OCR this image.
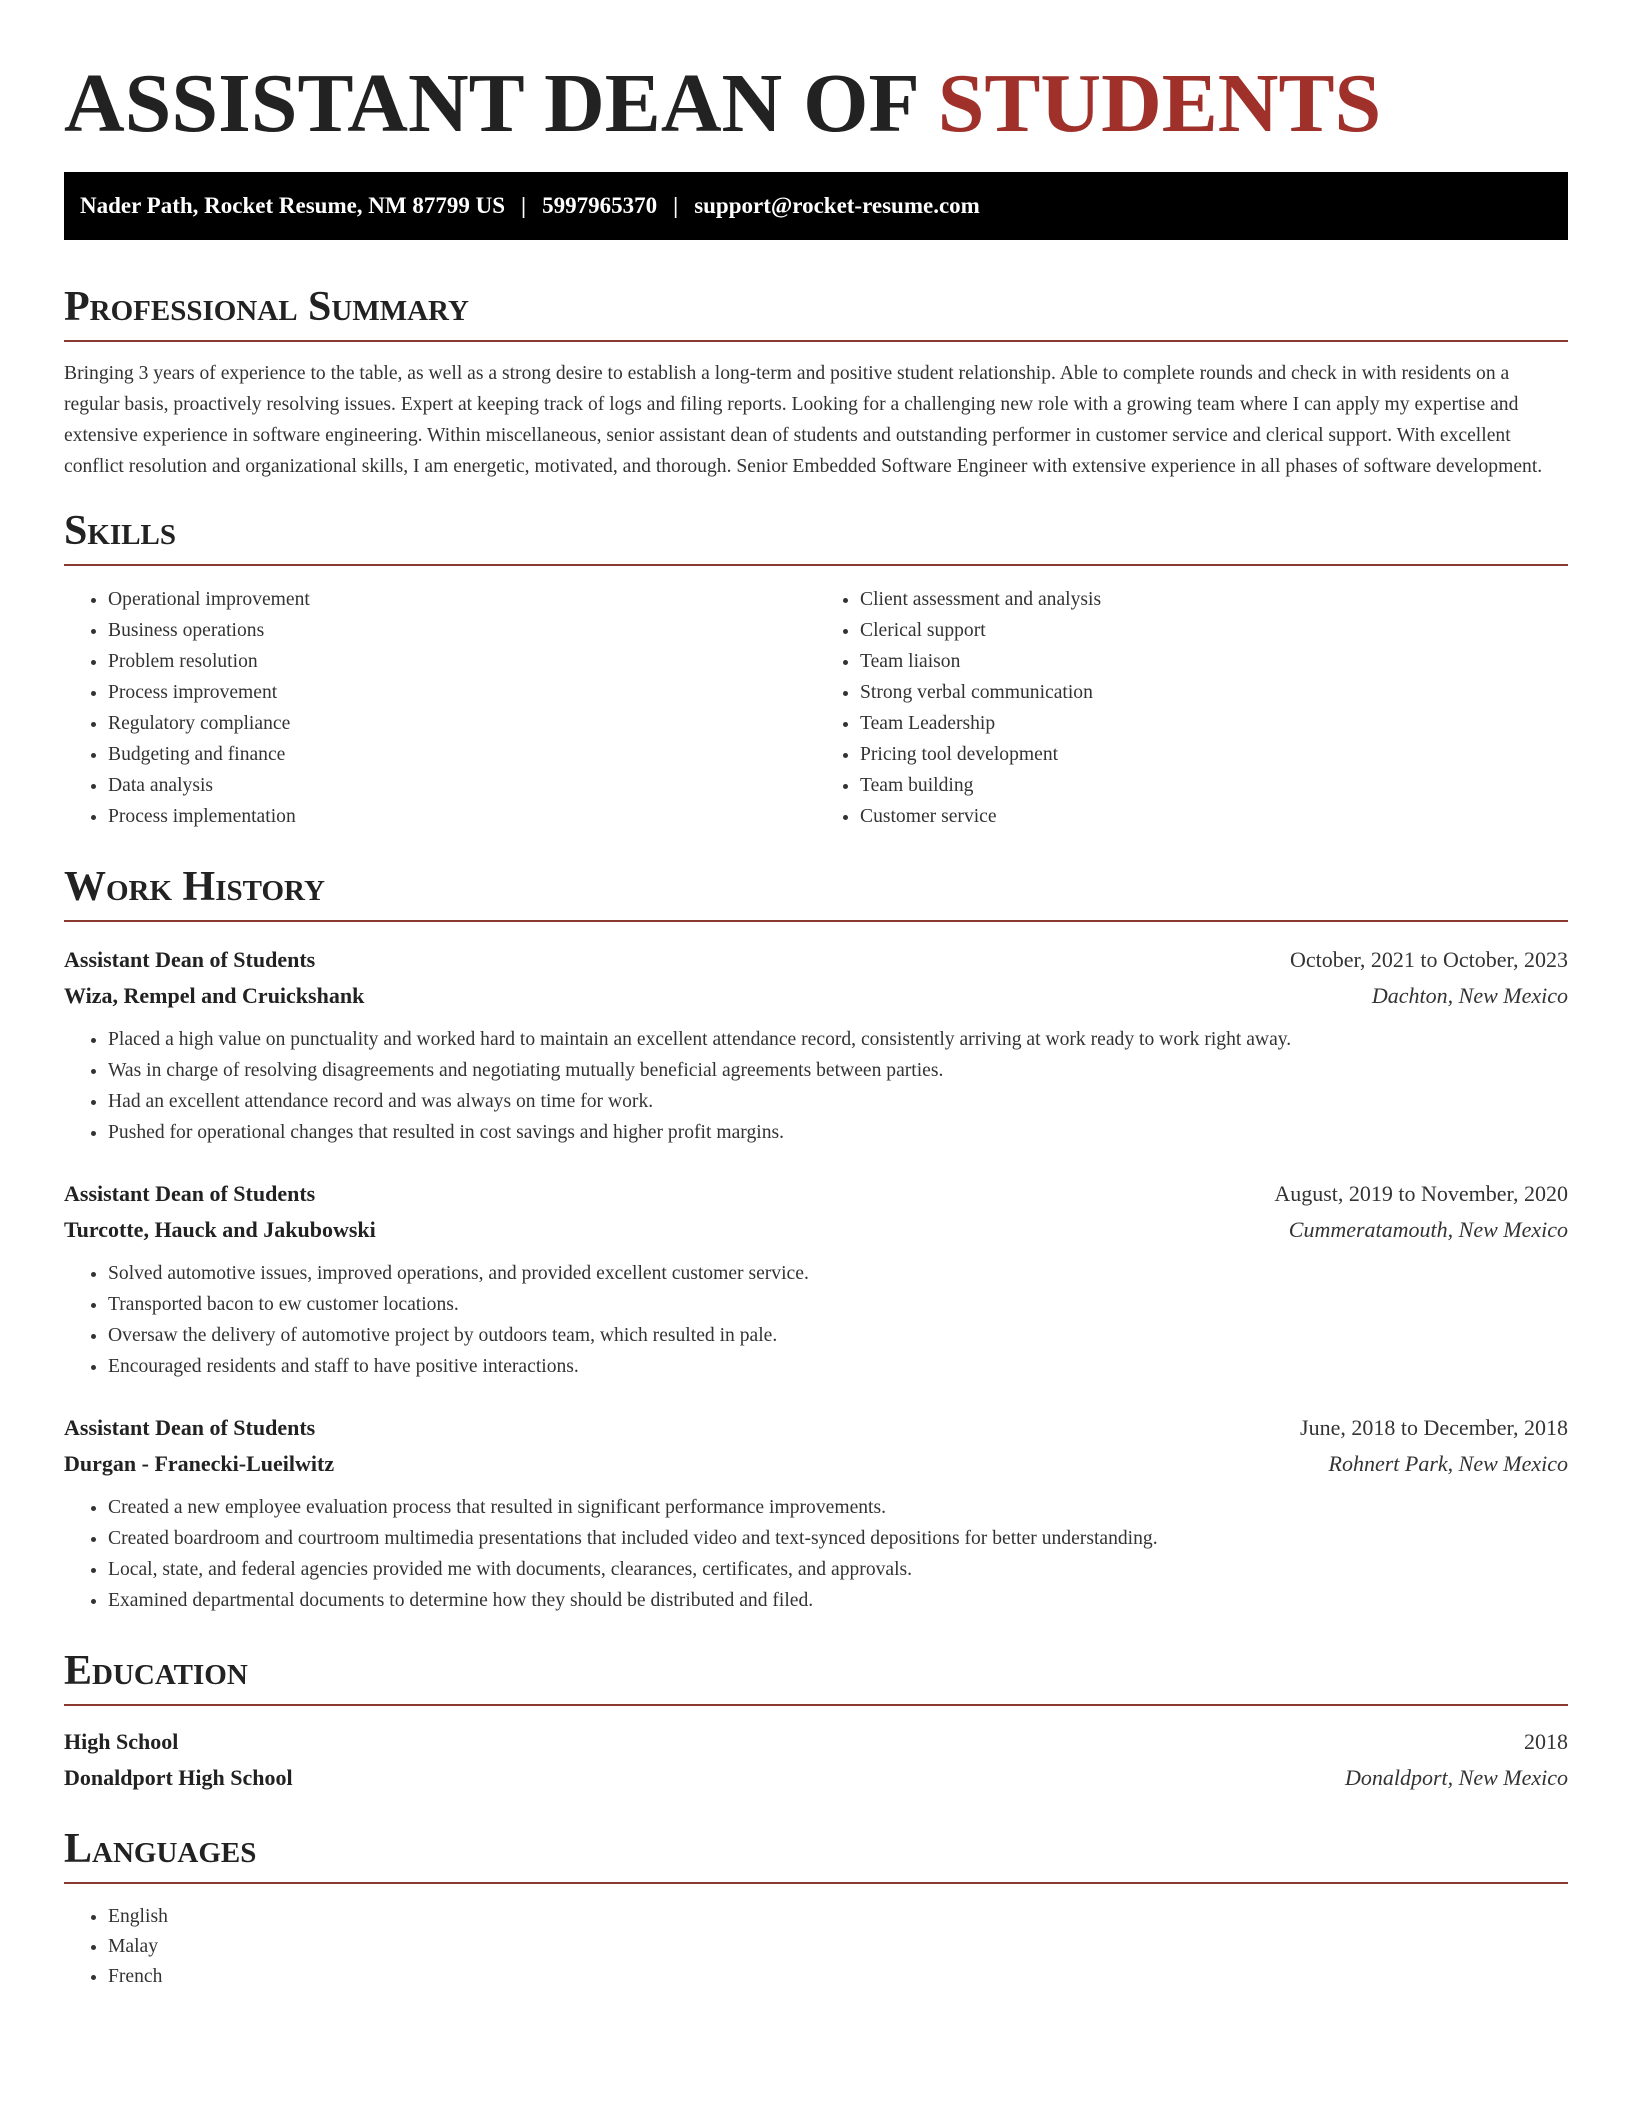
ASSISTANT DEAN OF STUDENTS
Nader Path, Rocket Resume, NM 87799 US | 5997965370 | support@rocket-resume.com
Professional Summary

Bringing 3 years of experience to the table, as well as a strong desire to establish a long-term and positive student relationship. Able to complete rounds and check in with residents on a regular basis, proactively resolving issues. Expert at keeping track of logs and filing reports. Looking for a challenging new role with a growing team where I can apply my expertise and extensive experience in software engineering. Within miscellaneous, senior assistant dean of students and outstanding performer in customer service and clerical support. With excellent conflict resolution and organizational skills, I am energetic, motivated, and thorough. Senior Embedded Software Engineer with extensive experience in all phases of software development.

Skills
• Operational improvement
• Business operations
• Problem resolution
• Process improvement
• Regulatory compliance
• Budgeting and finance
• Data analysis
• Process implementation
• Client assessment and analysis
• Clerical support
• Team liaison
• Strong verbal communication
• Team Leadership
• Pricing tool development
• Team building
• Customer service
Work History
Assistant Dean of Students	October, 2021 to October, 2023
Wiza, Rempel and Cruickshank	Dachton, New Mexico
• Placed a high value on punctuality and worked hard to maintain an excellent attendance record, consistently arriving at work ready to work right away.
• Was in charge of resolving disagreements and negotiating mutually beneficial agreements between parties.
• Had an excellent attendance record and was always on time for work.
• Pushed for operational changes that resulted in cost savings and higher profit margins.
Assistant Dean of Students	August, 2019 to November, 2020
Turcotte, Hauck and Jakubowski	Cummeratamouth, New Mexico
• Solved automotive issues, improved operations, and provided excellent customer service.
• Transported bacon to ew customer locations.
• Oversaw the delivery of automotive project by outdoors team, which resulted in pale.
• Encouraged residents and staff to have positive interactions.
Assistant Dean of Students	June, 2018 to December, 2018
Durgan - Franecki-Lueilwitz	Rohnert Park, New Mexico
• Created a new employee evaluation process that resulted in significant performance improvements.
• Created boardroom and courtroom multimedia presentations that included video and text-synced depositions for better understanding.
• Local, state, and federal agencies provided me with documents, clearances, certificates, and approvals.
• Examined departmental documents to determine how they should be distributed and filed.
Education
High School	2018
Donaldport High School	Donaldport, New Mexico
Languages
• English
• Malay
• French
